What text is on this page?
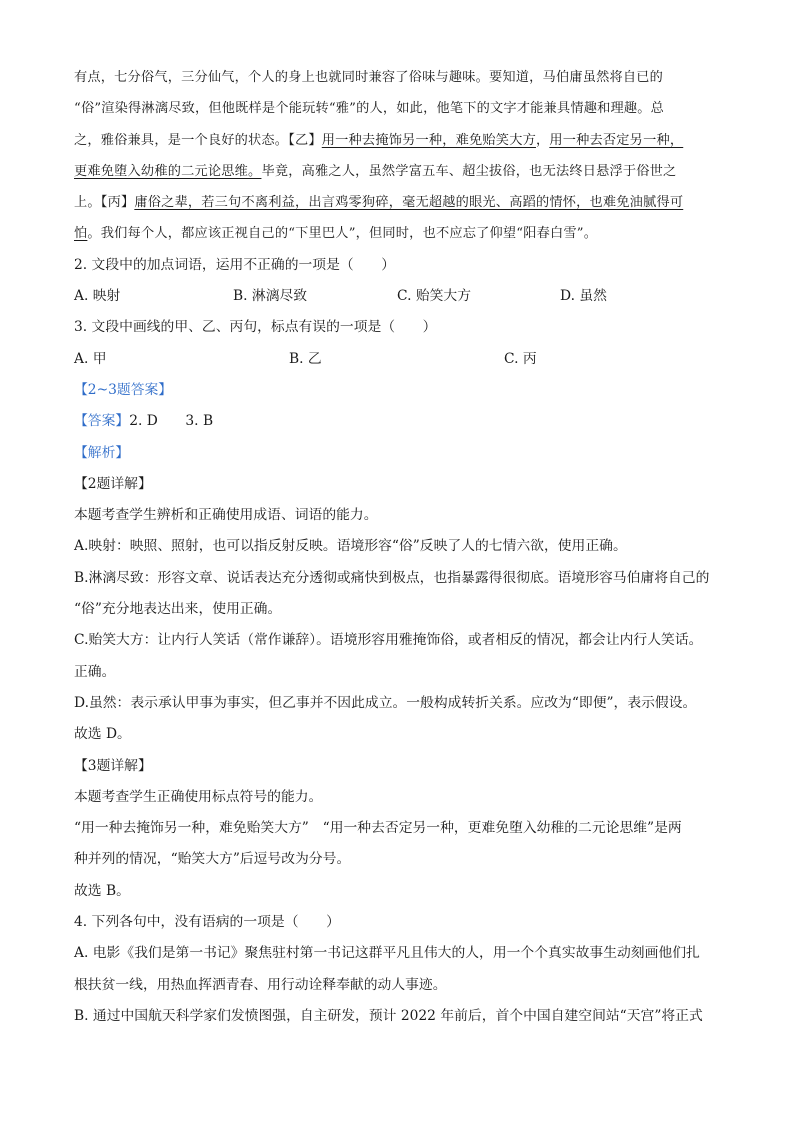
有点，七分俗气，三分仙气，个人的身上也就同时兼容了俗味与趣味。要知道，马伯庸虽然将自已的
“俗”渲染得淋漓尽致，但他既样是个能玩转“雅”的人，如此，他笔下的文字才能兼具情趣和理趣。总
之，雅俗兼具，是一个良好的状态。【乙】用一种去掩饰另一种，难免贻笑大方，用一种去否定另一种，
更难免堕入幼稚的二元论思维。毕竟，高雅之人，虽然学富五车、超尘拔俗，也无法终日悬浮于俗世之
上。【丙】庸俗之辈，若三句不离利益，出言鸡零狗碎，毫无超越的眼光、高蹈的情怀，也难免油腻得可
怕。我们每个人，都应该正视自己的“下里巴人”，但同时，也不应忘了仰望“阳春白雪”。
2. 文段中的加点词语，运用不正确的一项是（　　）
A. 映射	B. 淋漓尽致	C. 贻笑大方	D. 虽然
3. 文段中画线的甲、乙、丙句，标点有误的一项是（　　）
A. 甲	B. 乙	C. 丙
【2~3题答案】
【答案】2. D　　3. B
【解析】
【2题详解】
本题考查学生辨析和正确使用成语、词语的能力。
A.映射：映照、照射，也可以指反射反映。语境形容“俗”反映了人的七情六欲，使用正确。
B.淋漓尽致：形容文章、说话表达充分透彻或痛快到极点，也指暴露得很彻底。语境形容马伯庸将自己的
“俗”充分地表达出来，使用正确。
C.贻笑大方：让内行人笑话（常作谦辞）。语境形容用雅掩饰俗，或者相反的情况，都会让内行人笑话。
正确。
D.虽然：表示承认甲事为事实，但乙事并不因此成立。一般构成转折关系。应改为“即便”，表示假设。
故选 D。
【3题详解】
本题考查学生正确使用标点符号的能力。
“用一种去掩饰另一种，难免贻笑大方”　“用一种去否定另一种，更难免堕入幼稚的二元论思维”是两
种并列的情况，“贻笑大方”后逗号改为分号。
故选 B。
4. 下列各句中，没有语病的一项是（　　）
A. 电影《我们是第一书记》聚焦驻村第一书记这群平凡且伟大的人，用一个个真实故事生动刻画他们扎
根扶贫一线，用热血挥洒青春、用行动诠释奉献的动人事迹。
B. 通过中国航天科学家们发愤图强，自主研发，预计 2022 年前后，首个中国自建空间站“天宫”将正式
